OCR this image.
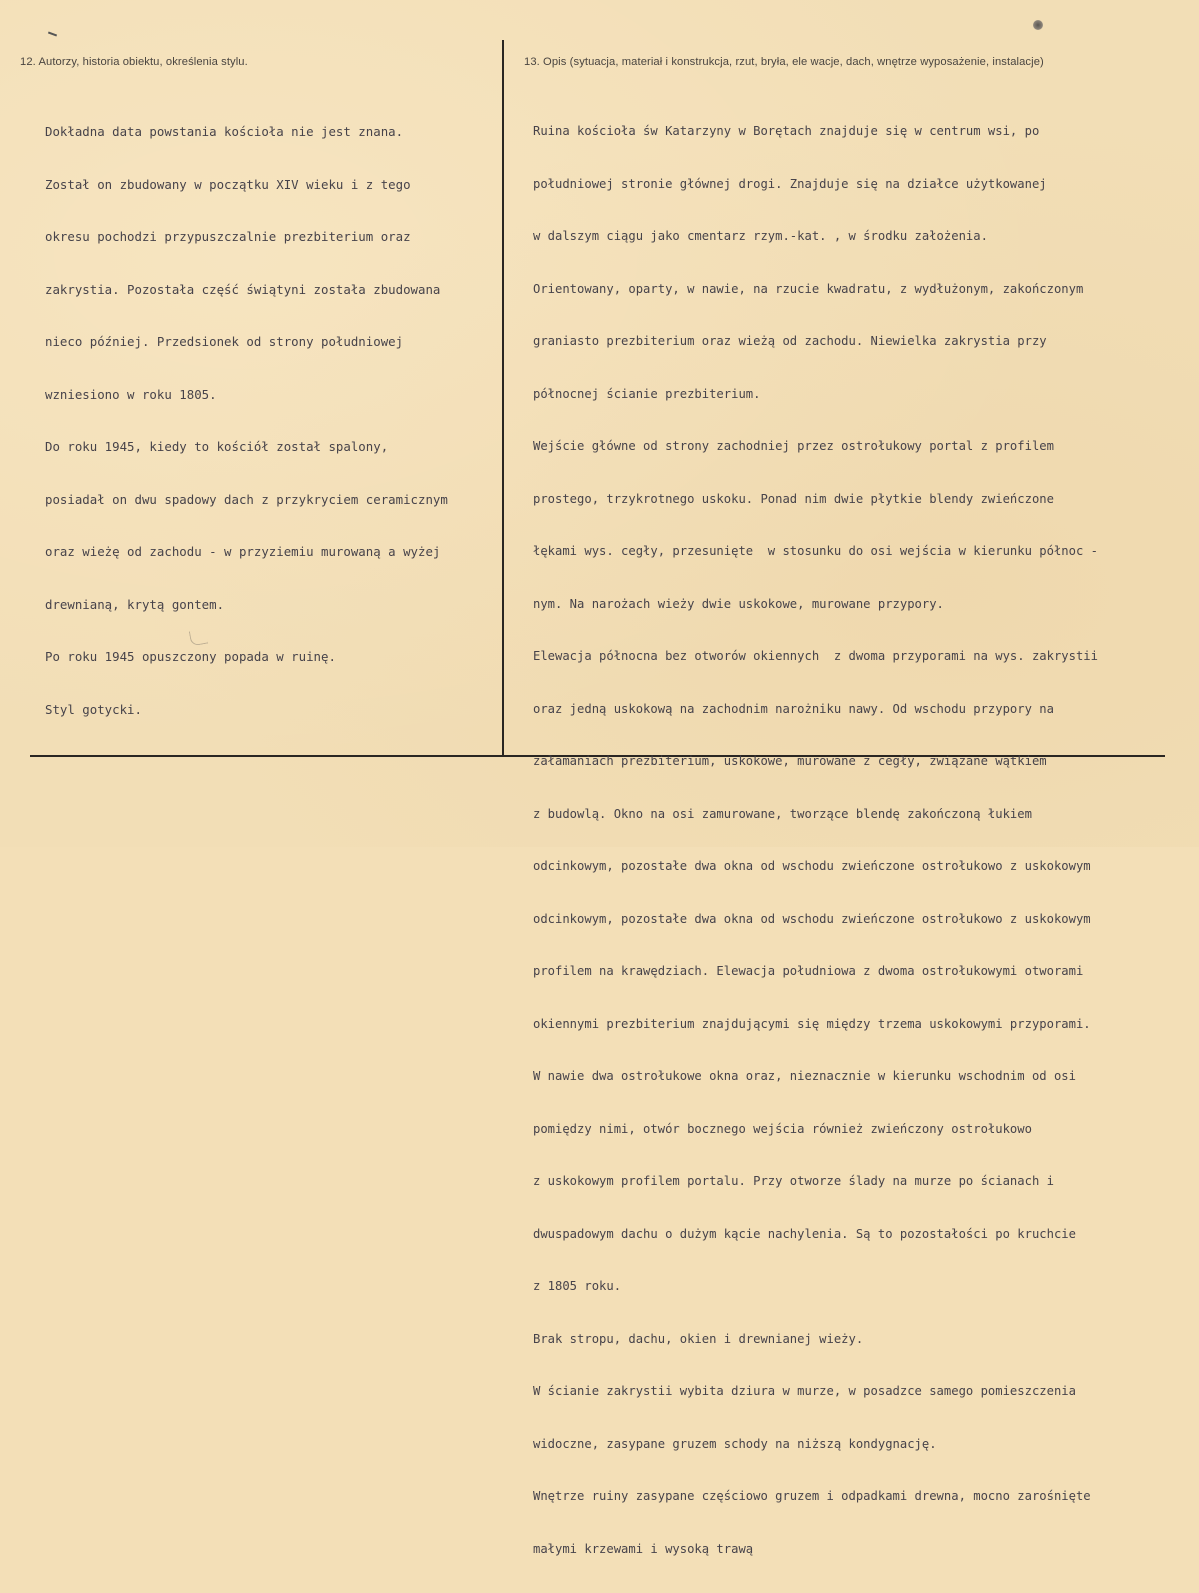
12. Autorzy, historia obiektu, określenia stylu.	13. Opis (sytuacja, materiał i konstrukcja, rzut, bryła, ele wacje, dach, wnętrze wyposażenie, instalacje)

Dokładna data powstania kościoła nie jest znana.

Został on zbudowany w początku XIV wieku i z tego

okresu pochodzi przypuszczalnie prezbiterium oraz

zakrystia. Pozostała część świątyni została zbudowana

nieco później. Przedsionek od strony południowej

wzniesiono w roku 1805.

Do roku 1945, kiedy to kościół został spalony,

posiadał on dwu spadowy dach z przykryciem ceramicznym

oraz wieżę od zachodu - w przyziemiu murowaną a wyżej

drewnianą, krytą gontem.

Po roku 1945 opuszczony popada w ruinę.

Styl gotycki.

Ruina kościoła św Katarzyny w Borętach znajduje się w centrum wsi, po

południowej stronie głównej drogi. Znajduje się na działce użytkowanej

w dalszym ciągu jako cmentarz rzym.-kat. , w środku założenia.

Orientowany, oparty, w nawie, na rzucie kwadratu, z wydłużonym, zakończonym

graniasto prezbiterium oraz wieżą od zachodu. Niewielka zakrystia przy

północnej ścianie prezbiterium.

Wejście główne od strony zachodniej przez ostrołukowy portal z profilem

prostego, trzykrotnego uskoku. Ponad nim dwie płytkie blendy zwieńczone

łękami wys. cegły, przesunięte  w stosunku do osi wejścia w kierunku północ -

nym. Na narożach wieży dwie uskokowe, murowane przypory.

Elewacja północna bez otworów okiennych  z dwoma przyporami na wys. zakrystii

oraz jedną uskokową na zachodnim narożniku nawy. Od wschodu przypory na

załamaniach prezbiterium, uskokowe, murowane z cegły, związane wątkiem

z budowlą. Okno na osi zamurowane, tworzące blendę zakończoną łukiem

odcinkowym, pozostałe dwa okna od wschodu zwieńczone ostrołukowo z uskokowym

odcinkowym, pozostałe dwa okna od wschodu zwieńczone ostrołukowo z uskokowym

profilem na krawędziach. Elewacja południowa z dwoma ostrołukowymi otworami

okiennymi prezbiterium znajdującymi się między trzema uskokowymi przyporami.

W nawie dwa ostrołukowe okna oraz, nieznacznie w kierunku wschodnim od osi

pomiędzy nimi, otwór bocznego wejścia również zwieńczony ostrołukowo

z uskokowym profilem portalu. Przy otworze ślady na murze po ścianach i

dwuspadowym dachu o dużym kącie nachylenia. Są to pozostałości po kruchcie

z 1805 roku.

Brak stropu, dachu, okien i drewnianej wieży.

W ścianie zakrystii wybita dziura w murze, w posadzce samego pomieszczenia

widoczne, zasypane gruzem schody na niższą kondygnację.

Wnętrze ruiny zasypane częściowo gruzem i odpadkami drewna, mocno zarośnięte

małymi krzewami i wysoką trawą
